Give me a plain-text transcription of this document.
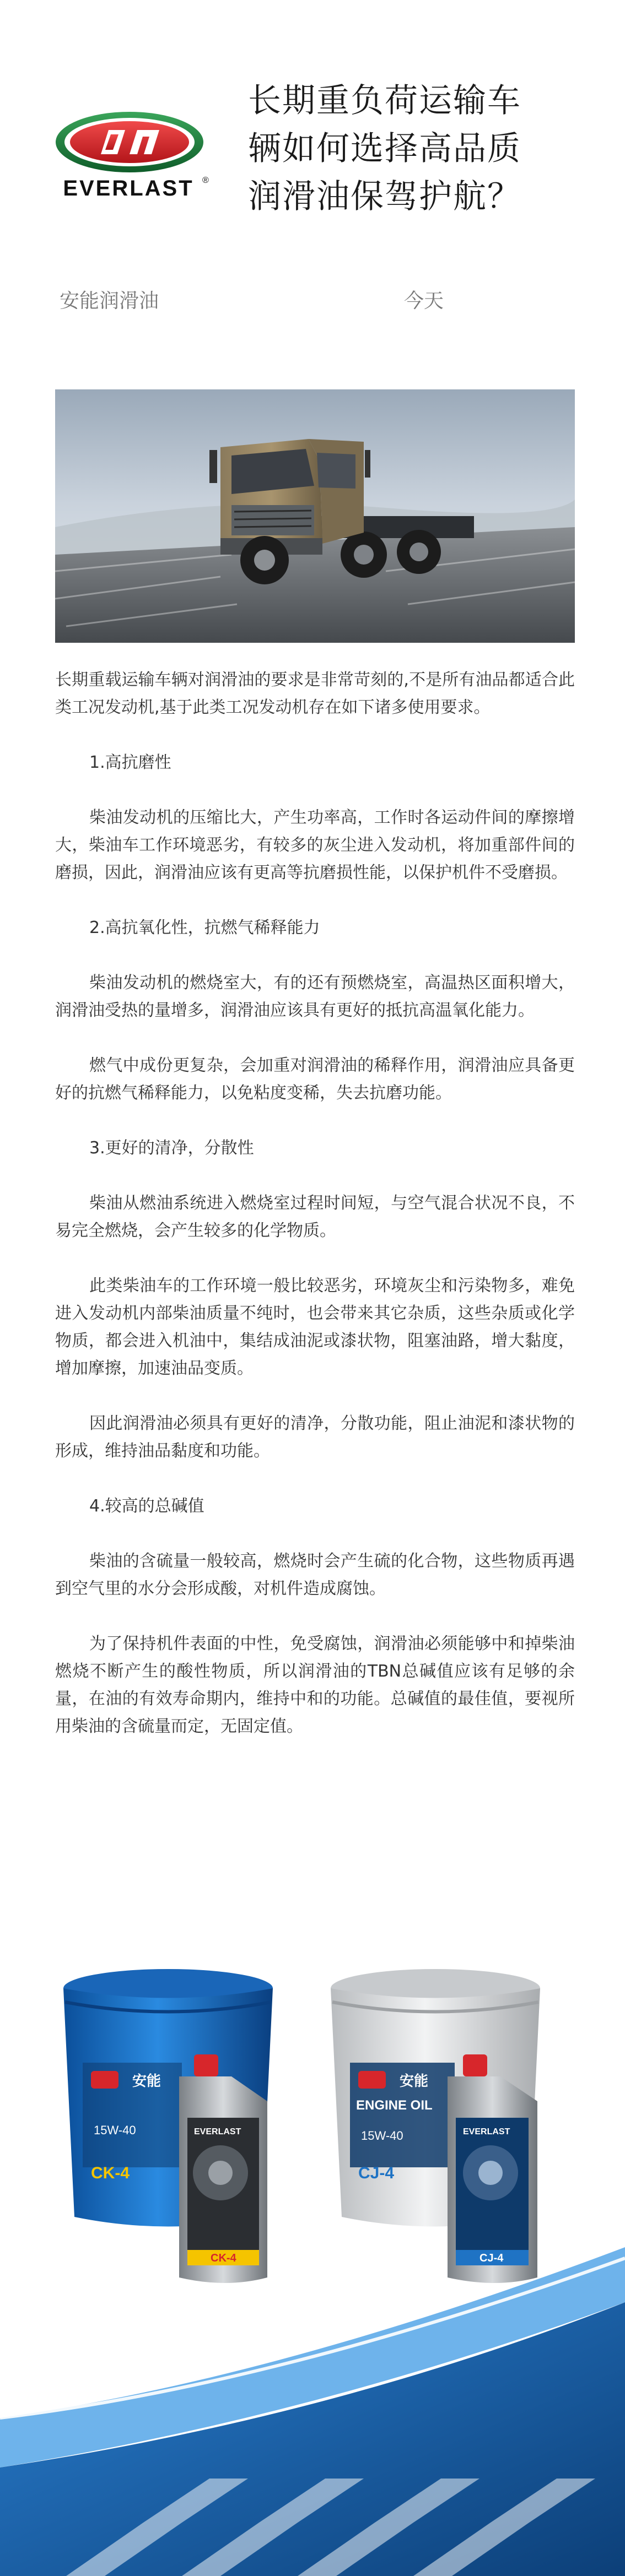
EVERLAST ®
长期重负荷运输车
辆如何选择高品质
润滑油保驾护航？
安能润滑油	今天

长期重载运输车辆对润滑油的要求是非常苛刻的,不是所有油品都适合此类工况发动机,基于此类工况发动机存在如下诸多使用要求。

1.高抗磨性

柴油发动机的压缩比大，产生功率高，工作时各运动件间的摩擦增大，柴油车工作环境恶劣，有较多的灰尘进入发动机，将加重部件间的磨损，因此，润滑油应该有更高等抗磨损性能，以保护机件不受磨损。

2.高抗氧化性，抗燃气稀释能力

柴油发动机的燃烧室大，有的还有预燃烧室，高温热区面积增大，润滑油受热的量增多，润滑油应该具有更好的抵抗高温氧化能力。

燃气中成份更复杂，会加重对润滑油的稀释作用，润滑油应具备更好的抗燃气稀释能力，以免粘度变稀，失去抗磨功能。

3.更好的清净，分散性

柴油从燃油系统进入燃烧室过程时间短，与空气混合状况不良，不易完全燃烧，会产生较多的化学物质。

此类柴油车的工作环境一般比较恶劣，环境灰尘和污染物多，难免进入发动机内部柴油质量不纯时，也会带来其它杂质，这些杂质或化学物质，都会进入机油中，集结成油泥或漆状物，阻塞油路，增大黏度，增加摩擦，加速油品变质。

因此润滑油必须具有更好的清净，分散功能，阻止油泥和漆状物的形成，维持油品黏度和功能。

4.较高的总碱值

柴油的含硫量一般较高，燃烧时会产生硫的化合物，这些物质再遇到空气里的水分会形成酸，对机件造成腐蚀。

为了保持机件表面的中性，免受腐蚀，润滑油必须能够中和掉柴油燃烧不断产生的酸性物质，所以润滑油的TBN总碱值应该有足够的余量，在油的有效寿命期内，维持中和的功能。总碱值的最佳值，要视所用柴油的含硫量而定，无固定值。

安能
15W-40
CK-4
EVERLAST
CK-4
安能
ENGINE OIL
15W-40
CJ-4
EVERLAST
CJ-4
